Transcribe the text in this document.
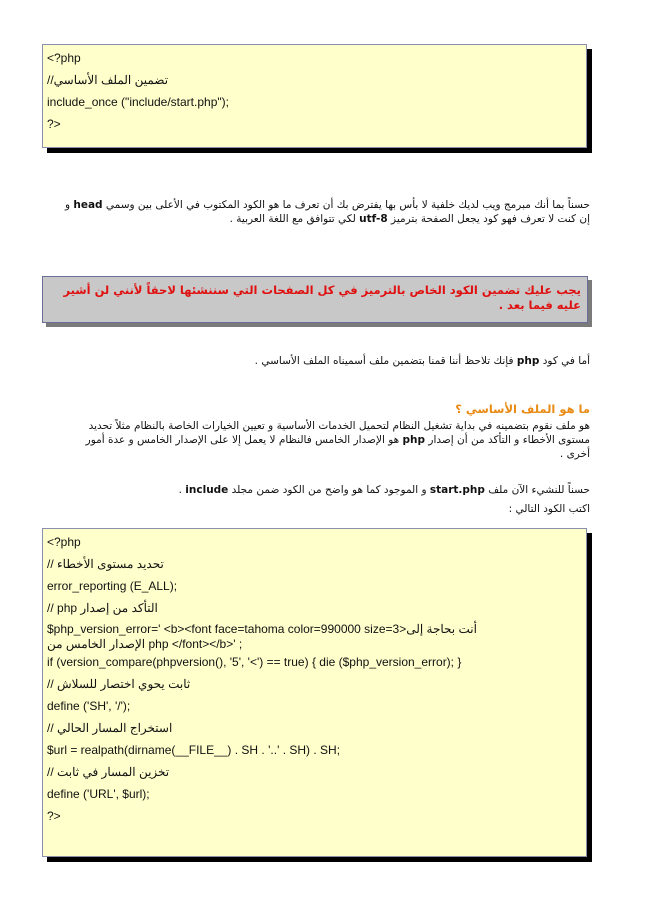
<?php
تضمين الملف الأساسي//
include_once ("include/start.php");
?>
حسناً بما أنك مبرمج ويب لديك خلفية لا بأس بها يفترض بك أن تعرف ما هو الكود المكتوب في الأعلى بين وسمي head و إن كنت لا تعرف فهو كود يجعل الصفحة بترميز utf-8 لكي تتوافق مع اللغة العربية .
يجب عليك تضمين الكود الخاص بالترميز في كل الصفحات التي سننشئها لاحقاً لأنني لن أشير عليه فيما بعد .
أما في كود php فإنك تلاحظ أننا قمنا بتضمين ملف أسميناه الملف الأساسي .
ما هو الملف الأساسي ؟
هو ملف نقوم بتضمينه في بداية تشغيل النظام لتحميل الخدمات الأساسية و تعيين الخيارات الخاصة بالنظام مثلاً تحديد مستوى الأخطاء و التأكد من أن إصدار php هو الإصدار الخامس فالنظام لا يعمل إلا على الإصدار الخامس و عدة أمور أخرى .
حسناً للنشيء الآن ملف start.php و الموجود كما هو واضح من الكود ضمن مجلد include .
اكتب الكود التالي :
<?php
// تحديد مستوى الأخطاء
error_reporting (E_ALL);
// التأكد من إصدار php
$php_version_error=' <b><font face=tahoma color=990000 size=3>أنت بحاجة إلى
الإصدار الخامس من php </font></b>' ;
if (version_compare(phpversion(), '5', '<') == true) { die ($php_version_error); }
// ثابت يحوي اختصار للسلاش
define ('SH', '/');
// استخراج المسار الحالي
$url = realpath(dirname(__FILE__) . SH . '..' . SH) . SH;
// تخزين المسار في ثابت
define ('URL', $url);
?>
